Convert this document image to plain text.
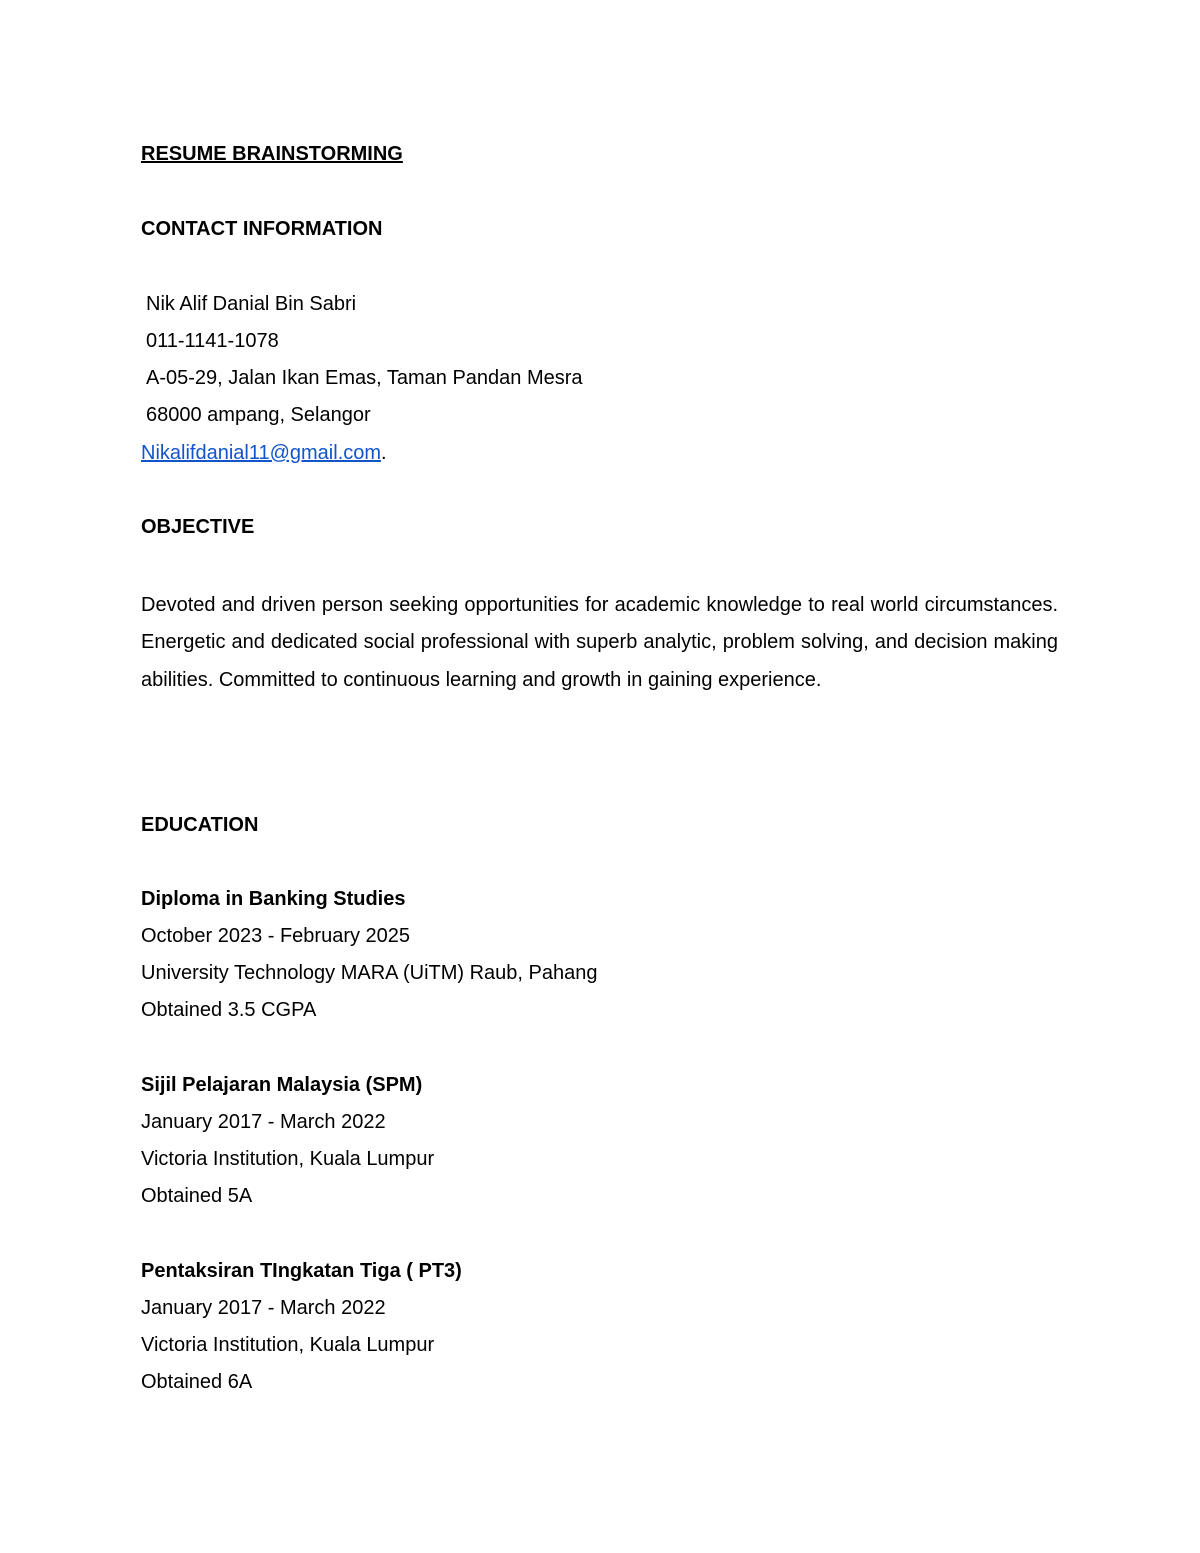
RESUME BRAINSTORMING
CONTACT INFORMATION
Nik Alif Danial Bin Sabri
011-1141-1078
A-05-29, Jalan Ikan Emas, Taman Pandan Mesra
68000 ampang, Selangor
Nikalifdanial11@gmail.com.
OBJECTIVE
Devoted and driven person seeking opportunities for academic knowledge to real world circumstances. Energetic and dedicated social professional with superb analytic, problem solving, and decision making abilities. Committed to continuous learning and growth in gaining experience.
EDUCATION
Diploma in Banking Studies
October 2023 - February 2025
University Technology MARA (UiTM) Raub, Pahang
Obtained 3.5 CGPA
Sijil Pelajaran Malaysia (SPM)
January 2017 - March 2022
Victoria Institution, Kuala Lumpur
Obtained 5A
Pentaksiran TIngkatan Tiga ( PT3)
January 2017 - March 2022
Victoria Institution, Kuala Lumpur
Obtained 6A
